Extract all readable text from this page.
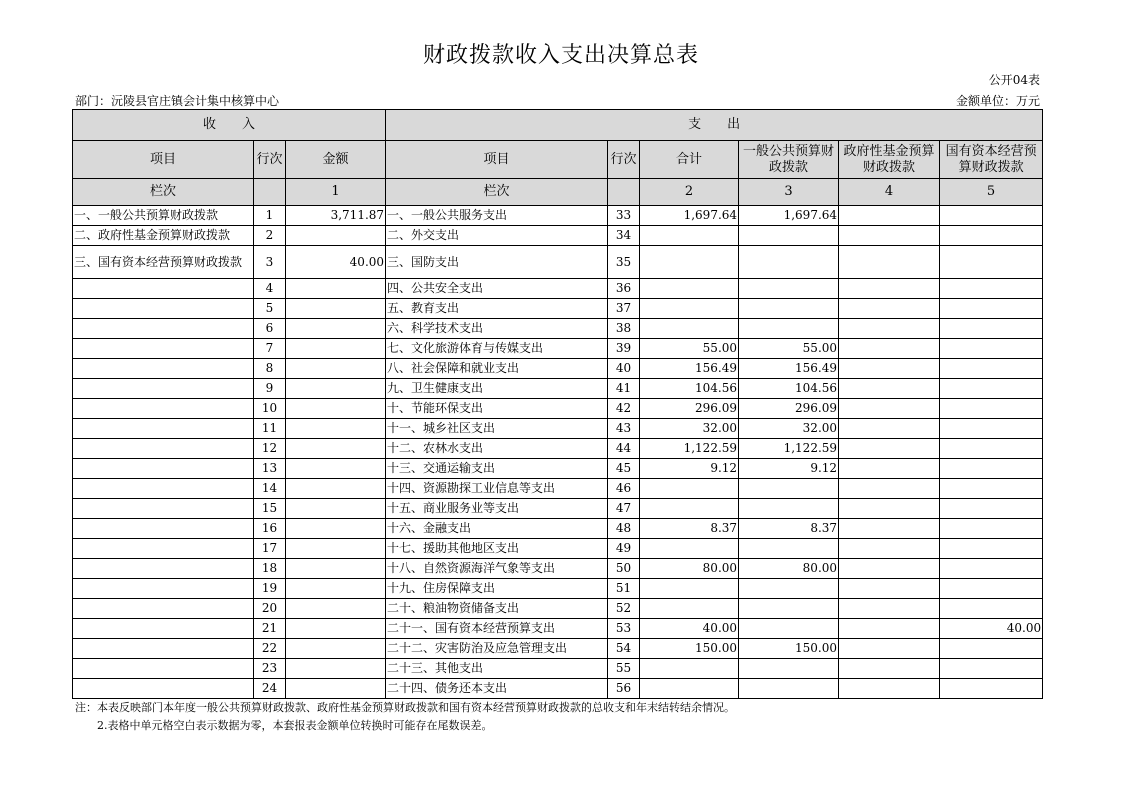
财政拨款收入支出决算总表
公开04表
部门：沅陵县官庄镇会计集中核算中心	金额单位：万元
收　　入			支　　出					
项目	行次	金额	项目	行次	合计	一般公共预算财政拨款	政府性基金预算财政拨款	国有资本经营预算财政拨款
栏次		1	栏次		2	3	4	5
一、一般公共预算财政拨款	1	3,711.87	一、一般公共服务支出	33	1,697.64	1,697.64		
二、政府性基金预算财政拨款	2		二、外交支出	34				
三、国有资本经营预算财政拨款	3	40.00	三、国防支出	35				
	4		四、公共安全支出	36				
	5		五、教育支出	37				
	6		六、科学技术支出	38				
	7		七、文化旅游体育与传媒支出	39	55.00	55.00		
	8		八、社会保障和就业支出	40	156.49	156.49		
	9		九、卫生健康支出	41	104.56	104.56		
	10		十、节能环保支出	42	296.09	296.09		
	11		十一、城乡社区支出	43	32.00	32.00		
	12		十二、农林水支出	44	1,122.59	1,122.59		
	13		十三、交通运输支出	45	9.12	9.12		
	14		十四、资源勘探工业信息等支出	46				
	15		十五、商业服务业等支出	47				
	16		十六、金融支出	48	8.37	8.37		
	17		十七、援助其他地区支出	49				
	18		十八、自然资源海洋气象等支出	50	80.00	80.00		
	19		十九、住房保障支出	51				
	20		二十、粮油物资储备支出	52				
	21		二十一、国有资本经营预算支出	53	40.00			40.00
	22		二十二、灾害防治及应急管理支出	54	150.00	150.00		
	23		二十三、其他支出	55				
	24		二十四、债务还本支出	56				
注：本表反映部门本年度一般公共预算财政拨款、政府性基金预算财政拨款和国有资本经营预算财政拨款的总收支和年末结转结余情况。
2.表格中单元格空白表示数据为零，本套报表金额单位转换时可能存在尾数误差。
